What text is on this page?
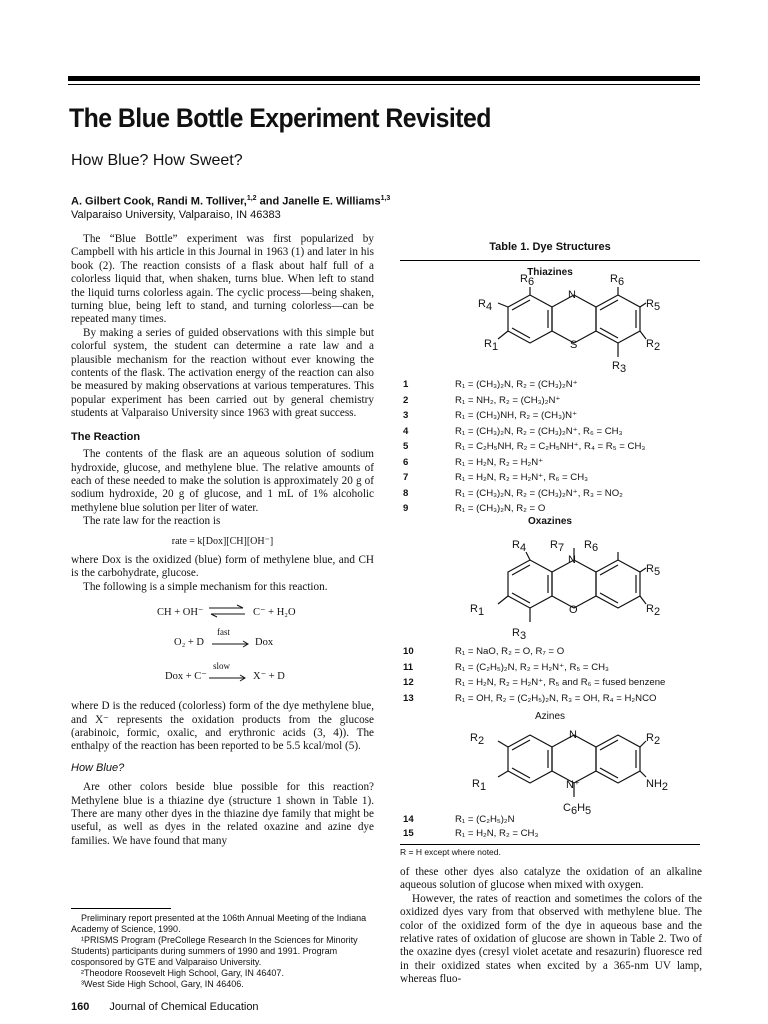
The Blue Bottle Experiment Revisited
How Blue? How Sweet?
A. Gilbert Cook, Randi M. Tolliver,$^{1,2}$ and Janelle E. Williams$^{1,3}$
Valparaiso University, Valparaiso, IN 46383

The “Blue Bottle” experiment was first popularized by Campbell with his article in this Journal in 1963 (1) and later in his book (2). The reaction consists of a flask about half full of a colorless liquid that, when shaken, turns blue. When left to stand the liquid turns colorless again. The cyclic process—being shaken, turning blue, being left to stand, and turning colorless—can be repeated many times.

By making a series of guided observations with this simple but colorful system, the student can determine a rate law and a plausible mechanism for the reaction without ever knowing the contents of the flask. The activation energy of the reaction can also be measured by making observations at various temperatures. This popular experiment has been carried out by general chemistry students at Valparaiso University since 1963 with great success.

The Reaction

The contents of the flask are an aqueous solution of sodium hydroxide, glucose, and methylene blue. The relative amounts of each of these needed to make the solution is approximately 20 g of sodium hydroxide, 20 g of glucose, and 1 mL of 1% alcoholic methylene blue solution per liter of water.

The rate law for the reaction is

rate = k[Dox][CH][OH⁻]

where Dox is the oxidized (blue) form of methylene blue, and CH is the carbohydrate, glucose.

The following is a simple mechanism for this reaction.

CH + OH⁻ ⇌ C⁻ + H₂O
O₂ + D
fast
Dox
Dox + C⁻
slow
X⁻ + D

where D is the reduced (colorless) form of the dye methylene blue, and X⁻ represents the oxidation products from the glucose (arabinoic, formic, oxalic, and erythronic acids (3, 4)). The enthalpy of the reaction has been reported to be 5.5 kcal/mol (5).

How Blue?

Are other colors beside blue possible for this reaction? Methylene blue is a thiazine dye (structure 1 shown in Table 1). There are many other dyes in the thiazine dye family that might be useful, as well as dyes in the related oxazine and azine dye families. We have found that many

Preliminary report presented at the 106th Annual Meeting of the Indiana Academy of Science, 1990.

¹PRISMS Program (PreCollege Research In the Sciences for Minority Students) participants during summers of 1990 and 1991. Program cosponsored by GTE and Valparaiso University.

²Theodore Roosevelt High School, Gary, IN 46407.

³West Side High School, Gary, IN 46406.

160 Journal of Chemical Education
Table 1. Dye Structures
Thiazines
N
S
R6	R6
R4	R5
R1	R2
R3
1	R₁ = (CH₃)₂N, R₂ = (CH₃)₂N⁺
2	R₁ = NH₂, R₂ = (CH₃)₂N⁺
3	R₁ = (CH₃)NH, R₂ = (CH₃)N⁺
4	R₁ = (CH₃)₂N, R₂ = (CH₃)₂N⁺, R₆ = CH₃
5	R₁ = C₂H₅NH, R₂ = C₂H₅NH⁺, R₄ = R₅ = CH₃
6	R₁ = H₂N, R₂ = H₂N⁺
7	R₁ = H₂N, R₂ = H₂N⁺, R₆ = CH₃
8	R₁ = (CH₃)₂N, R₂ = (CH₃)₂N⁺, R₃ = NO₂
9	R₁ = (CH₃)₂N, R₂ = O
Oxazines
N
O
R4 R7 R6
R5
R1	R2
R3
10	R₁ = NaO, R₂ = O, R₇ = O
11	R₁ = (C₂H₅)₂N, R₂ = H₂N⁺, R₅ = CH₃
12	R₁ = H₂N, R₂ = H₂N⁺, R₅ and R₆ = fused benzene
13	R₁ = OH, R₂ = (C₂H₅)₂N, R₃ = OH, R₄ = H₂NCO
Azines
N
N⁺
R2	R2
R1	NH2
C6H5
14	R₁ = (C₂H₅)₂N
15	R₁ = H₂N, R₂ = CH₃
R = H except where noted.

of these other dyes also catalyze the oxidation of an alkaline aqueous solution of glucose when mixed with oxygen.

However, the rates of reaction and sometimes the colors of the oxidized dyes vary from that observed with methylene blue. The color of the oxidized form of the dye in aqueous base and the relative rates of oxidation of glucose are shown in Table 2. Two of the oxazine dyes (cresyl violet acetate and resazurin) fluoresce red in their oxidized states when excited by a 365-nm UV lamp, whereas fluo-
